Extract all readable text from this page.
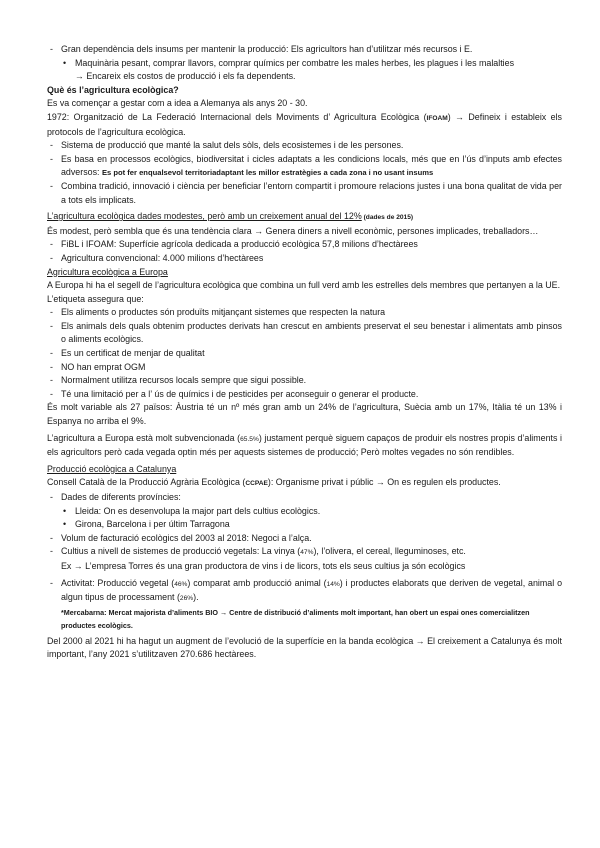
- Gran dependència dels insums per mantenir la producció: Els agricultors han d’utilitzar més recursos i E.
• Maquinària pesant, comprar llavors, comprar químics per combatre les males herbes, les plagues i les malalties
→ Encareix els costos de producció i els fa dependents.

Què és l’agricultura ecològica?

Es va començar a gestar com a idea a Alemanya als anys 20 - 30.

1972: Organització de La Federació Internacional dels Moviments d’ Agricultura Ecològica (IFOAM) → Defineix i estableix els protocols de l’agricultura ecològica.

- Sistema de producció que manté la salut dels sòls, dels ecosistemes i de les persones.
- Es basa en processos ecològics, biodiversitat i cicles adaptats a les condicions locals, més que en l’ús d’inputs amb efectes adversos: Es pot fer enqualsevol territoriadaptant les millor estratègies a cada zona i no usant insums
- Combina tradició, innovació i ciència per beneficiar l’entorn compartit i promoure relacions justes i una bona qualitat de vida per a tots els implicats.

L’agricultura ecològica dades modestes, però amb un creixement anual del 12% (dades de 2015)

És modest, però sembla que és una tendència clara → Genera diners a nivell econòmic, persones implicades, treballadors…

- FiBL i IFOAM: Superfície agrícola dedicada a producció ecològica 57,8 milions d’hectàrees
- Agricultura convencional: 4.000 milions d’hectàrees

Agricultura ecològica a Europa

A Europa hi ha el segell de l’agricultura ecològica que combina un full verd amb les estrelles dels membres que pertanyen a la UE.

L’etiqueta assegura que:

- Els aliments o productes són produïts mitjançant sistemes que respecten la natura
- Els animals dels quals obtenim productes derivats han crescut en ambients preservat el seu benestar i alimentats amb pinsos o aliments ecològics.
- Es un certificat de menjar de qualitat
- NO han emprat OGM
- Normalment utilitza recursos locals sempre que sigui possible.
- Té una limitació per a l’ ús de químics i de pesticides per aconseguir o generar el producte.

És molt variable als 27 països: Àustria té un nº més gran amb un 24% de l’agricultura, Suècia amb un 17%, Itàlia té un 13% i Espanya no arriba el 9%.

L’agricultura a Europa està molt subvencionada (65.5%) justament perquè siguem capaços de produir els nostres propis d’aliments i els agricultors però cada vegada optin més per aquests sistemes de producció; Però moltes vegades no són rendibles.

Producció ecològica a Catalunya

Consell Català de la Producció Agrària Ecològica (CCPAE): Organisme privat i públic → On es regulen els productes.

- Dades de diferents províncies:
• Lleida: On es desenvolupa la major part dels cultius ecològics.
• Girona, Barcelona i per últim Tarragona
- Volum de facturació ecològics del 2003 al 2018: Negoci a l’alça.
- Cultius a nivell de sistemes de producció vegetals: La vinya (47%), l’olivera, el cereal, lleguminoses, etc.
Ex → L’empresa Torres és una gran productora de vins i de licors, tots els seus cultius ja són ecològics
- Activitat: Producció vegetal (46%) comparat amb producció animal (14%) i productes elaborats que deriven de vegetal, animal o algun tipus de processament (26%).
*Mercabarna: Mercat majorista d’aliments BIO → Centre de distribució d’aliments molt important, han obert un espai ones comercialitzen productes ecològics.

Del 2000 al 2021 hi ha hagut un augment de l’evolució de la superfície en la banda ecològica → El creixement a Catalunya és molt important, l’any 2021 s’utilitzaven 270.686 hectàrees.
